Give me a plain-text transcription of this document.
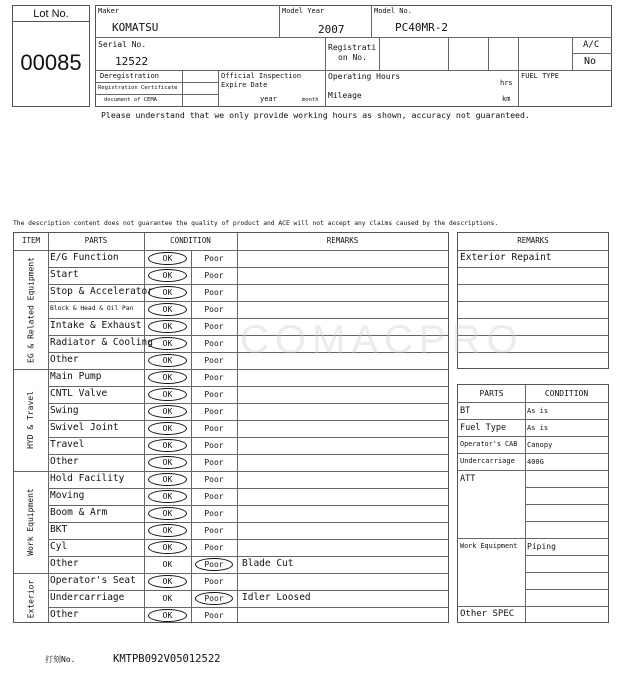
Lot No.
00085
Maker
KOMATSU
Model Year
2007
Model No.
PC40MR-2
Serial No.
12522
Registrati
on No.
A/C
No
Deregistration
Registration Certificate
document of CEMA
Official Inspection
Expire Date
year	month
Operating Hours
hrs
Mileage	km
FUEL TYPE
Please understand that we only provide working hours as shown, accuracy not guaranteed.
The description content does not guarantee the quality of product and ACE will not accept any claims caused by the descriptions.
ITEM	PARTS	CONDITION	REMARKS
EG & Related Equipment E/G Function	OK	Poor
Start	OK	Poor
Stop & Accelerator	OK	Poor
Block & Head & Oil Pan	OK	Poor
Intake & Exhaust	OK	Poor
Radiator & Cooling	OK	Poor
Other	OK	Poor
HYD & Travel
Main Pump	OK	Poor
CNTL Valve	OK	Poor
Swing	OK	Poor
Swivel Joint	OK	Poor
Travel	OK	Poor
Other	OK	Poor
Work Equipment
Hold Facility	OK	Poor
Moving	OK	Poor
Boom & Arm	OK	Poor
BKT	OK	Poor
Cyl	OK	Poor
Other	OK	Poor	Blade Cut
Exterior Operator's Seat	OK	Poor
Undercarriage	OK	Poor	Idler Loosed
Other	OK	Poor
REMARKS
Exterior Repaint
PARTS	CONDITION
BT	As is
Fuel Type	As is
Operator's CAB Canopy
Undercarriage 400G
ATT
Work Equipment Piping
Other SPEC
打刻No.	KMTPB092V05012522
COMACPRO
